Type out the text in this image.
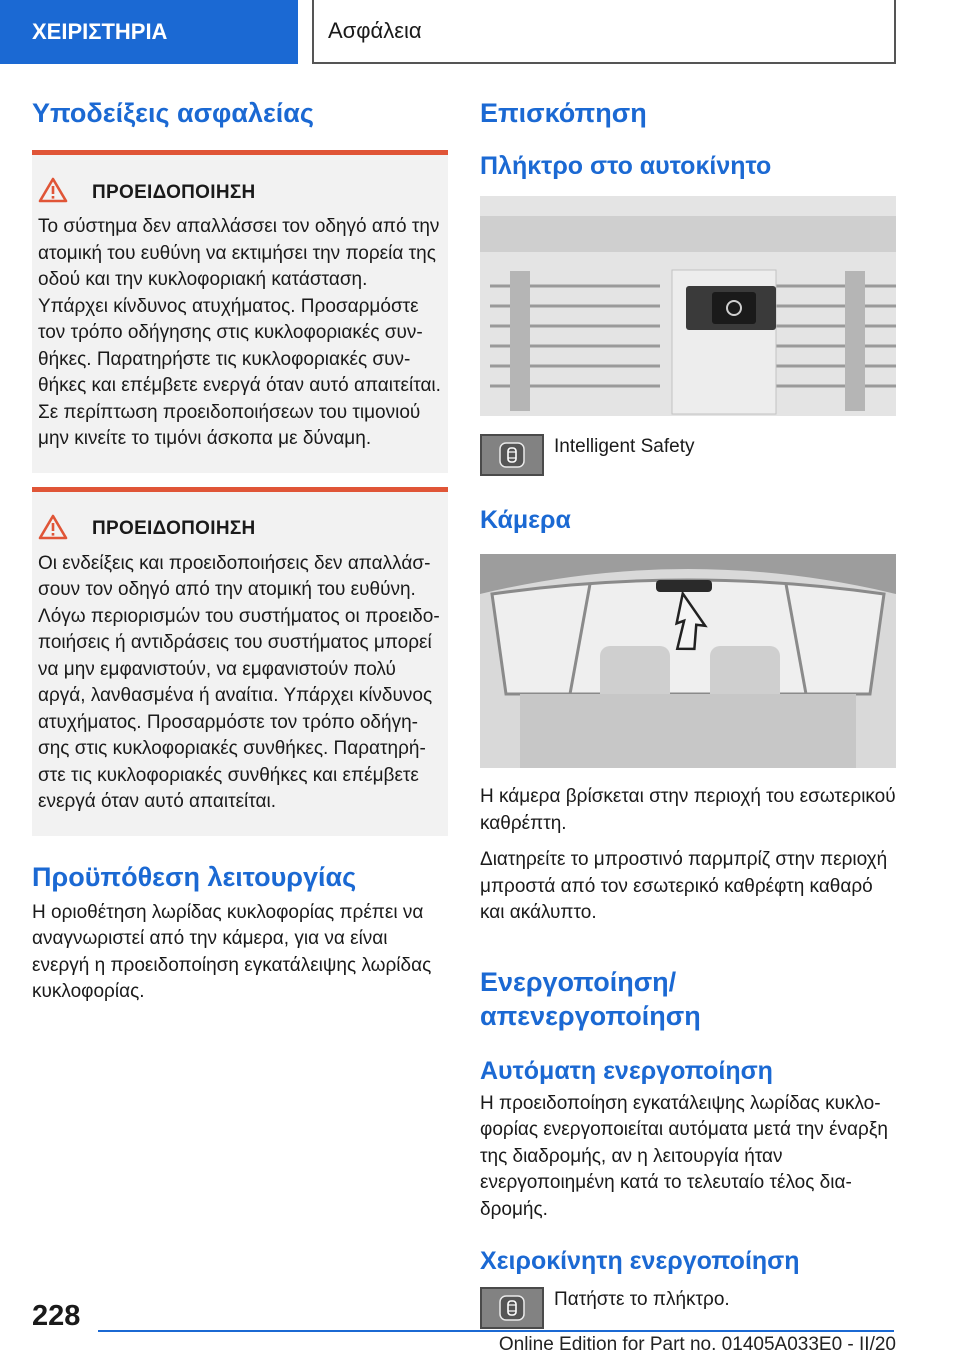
ΧΕΙΡΙΣΤΗΡΙΑ	Ασφάλεια
Υποδείξεις ασφαλείας
ΠΡΟΕΙΔΟΠΟΙΗΣΗ

Το σύστημα δεν απαλλάσσει τον οδηγό από την ατομική του ευθύνη να εκτιμήσει την πορεία της οδού και την κυκλοφοριακή κατάσταση. Υπάρχει κίνδυνος ατυχήματος. Προσαρμόστε τον τρόπο οδήγησης στις κυκλοφοριακές συνθήκες. Παρατηρήστε τις κυκλοφοριακές συνθήκες και επέμβετε ενεργά όταν αυτό απαιτείται. Σε περίπτωση προειδοποιήσεων του τιμονιού μην κινείτε το τιμόνι άσκοπα με δύναμη.

ΠΡΟΕΙΔΟΠΟΙΗΣΗ

Οι ενδείξεις και προειδοποιήσεις δεν απαλλάσσουν τον οδηγό από την ατομική του ευθύνη. Λόγω περιορισμών του συστήματος οι προειδοποιήσεις ή αντιδράσεις του συστήματος μπορεί να μην εμφανιστούν, να εμφανιστούν πολύ αργά, λανθασμένα ή αναίτια. Υπάρχει κίνδυνος ατυχήματος. Προσαρμόστε τον τρόπο οδήγησης στις κυκλοφοριακές συνθήκες. Παρατηρήστε τις κυκλοφοριακές συνθήκες και επέμβετε ενεργά όταν αυτό απαιτείται.

Προϋπόθεση λειτουργίας

Η οριοθέτηση λωρίδας κυκλοφορίας πρέπει να αναγνωριστεί από την κάμερα, για να είναι ενεργή η προειδοποίηση εγκατάλειψης λωρίδας κυκλοφορίας.

Επισκόπηση
Πλήκτρο στο αυτοκίνητο
Intelligent Safety
Κάμερα

Η κάμερα βρίσκεται στην περιοχή του εσωτερικού καθρέπτη.

Διατηρείτε το μπροστινό παρμπρίζ στην περιοχή μπροστά από τον εσωτερικό καθρέφτη καθαρό και ακάλυπτο.

Ενεργοποίηση/απενεργοποίηση
Αυτόματη ενεργοποίηση

Η προειδοποίηση εγκατάλειψης λωρίδας κυκλοφορίας ενεργοποιείται αυτόματα μετά την έναρξη της διαδρομής, αν η λειτουργία ήταν ενεργοποιημένη κατά το τελευταίο τέλος διαδρομής.

Χειροκίνητη ενεργοποίηση
Πατήστε το πλήκτρο.
228
Online Edition for Part no. 01405A033E0 - II/20
